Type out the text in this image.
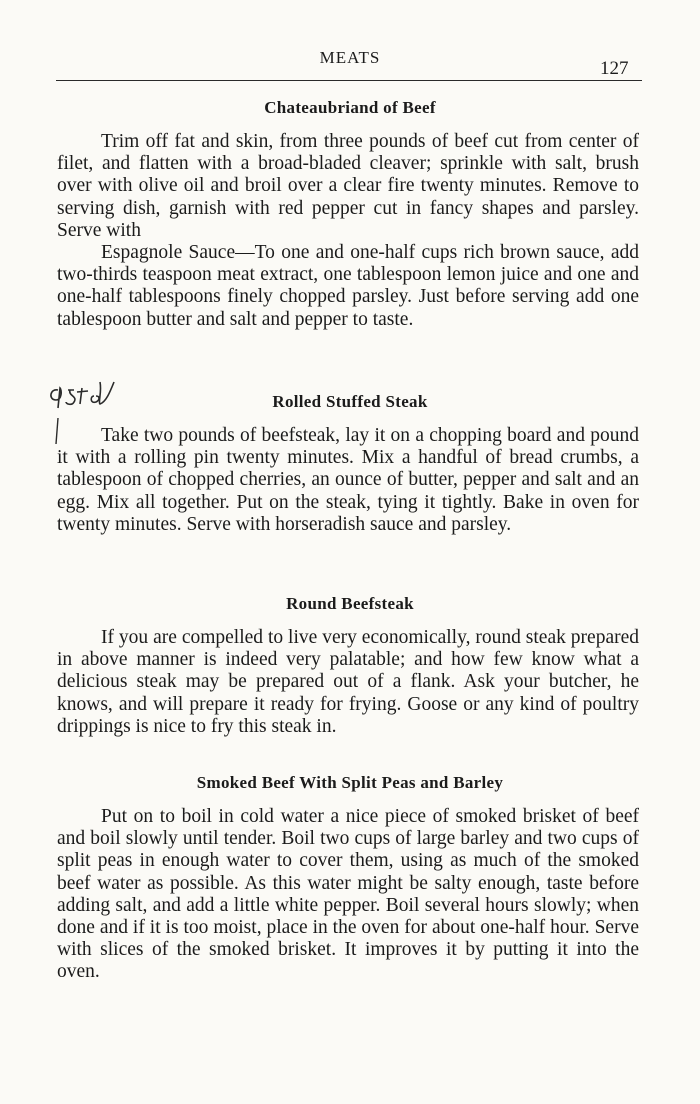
MEATS
127
Chateaubriand of Beef

Trim off fat and skin, from three pounds of beef cut from center of filet, and flatten with a broad-bladed cleaver; sprinkle with salt, brush over with olive oil and broil over a clear fire twenty minutes. Remove to serving dish, garnish with red pepper cut in fancy shapes and parsley. Serve with

Espagnole Sauce—To one and one-half cups rich brown sauce, add two-thirds teaspoon meat extract, one tablespoon lemon juice and one and one-half tablespoons finely chopped parsley. Just before serving add one tablespoon butter and salt and pepper to taste.

Rolled Stuffed Steak

Take two pounds of beefsteak, lay it on a chopping board and pound it with a rolling pin twenty minutes. Mix a handful of bread crumbs, a tablespoon of chopped cherries, an ounce of butter, pepper and salt and an egg. Mix all together. Put on the steak, tying it tightly. Bake in oven for twenty minutes. Serve with horseradish sauce and parsley.

Round Beefsteak

If you are compelled to live very economically, round steak prepared in above manner is indeed very palatable; and how few know what a delicious steak may be prepared out of a flank. Ask your butcher, he knows, and will prepare it ready for frying. Goose or any kind of poultry drippings is nice to fry this steak in.

Smoked Beef With Split Peas and Barley

Put on to boil in cold water a nice piece of smoked brisket of beef and boil slowly until tender. Boil two cups of large barley and two cups of split peas in enough water to cover them, using as much of the smoked beef water as possible. As this water might be salty enough, taste before adding salt, and add a little white pepper. Boil several hours slowly; when done and if it is too moist, place in the oven for about one-half hour. Serve with slices of the smoked brisket. It improves it by putting it into the oven.
